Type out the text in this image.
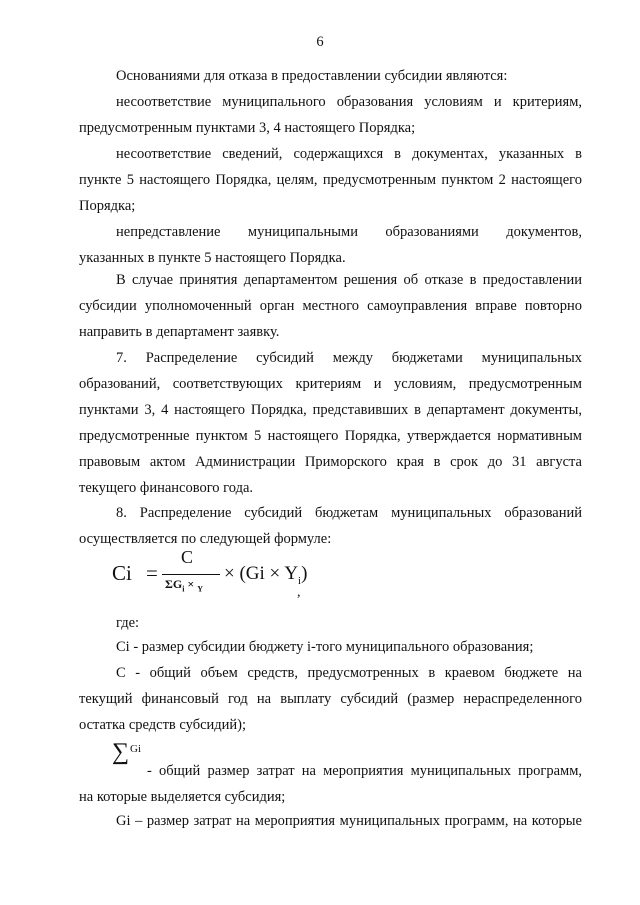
6

Основаниями для отказа в предоставлении субсидии являются:

несоответствие муниципального образования условиям и критериям,
предусмотренным пунктами 3, 4 настоящего Порядка;

несоответствие сведений, содержащихся в документах, указанных в
пункте 5 настоящего Порядка, целям, предусмотренным пунктом 2 настоящего
Порядка;

непредставление муниципальными образованиями документов,
указанных в пункте 5 настоящего Порядка.

В случае принятия департаментом решения об отказе в предоставлении
субсидии уполномоченный орган местного самоуправления вправе повторно
направить в департамент заявку.

7. Распределение субсидий между бюджетами муниципальных
образований, соответствующих критериям и условиям, предусмотренным
пунктами 3, 4 настоящего Порядка, представивших в департамент документы,
предусмотренные пунктом 5 настоящего Порядка, утверждается нормативным
правовым актом Администрации Приморского края в срок до 31 августа
текущего финансового года.

8. Распределение субсидий бюджетам муниципальных образований
осуществляется по следующей формуле:

Ci =
C
$\Sigma G_i \times _Y$
× $(Gi \times Y_i)$
,

где:

Ci - размер субсидии бюджету i-того муниципального образования;

С - общий объем средств, предусмотренных в краевом бюджете на
текущий финансовый год на выплату субсидий (размер нераспределенного
остатка средств субсидий);

∑ Gi

- общий размер затрат на мероприятия муниципальных программ,
на которые выделяется субсидия;

Gi – размер затрат на мероприятия муниципальных программ, на которые
